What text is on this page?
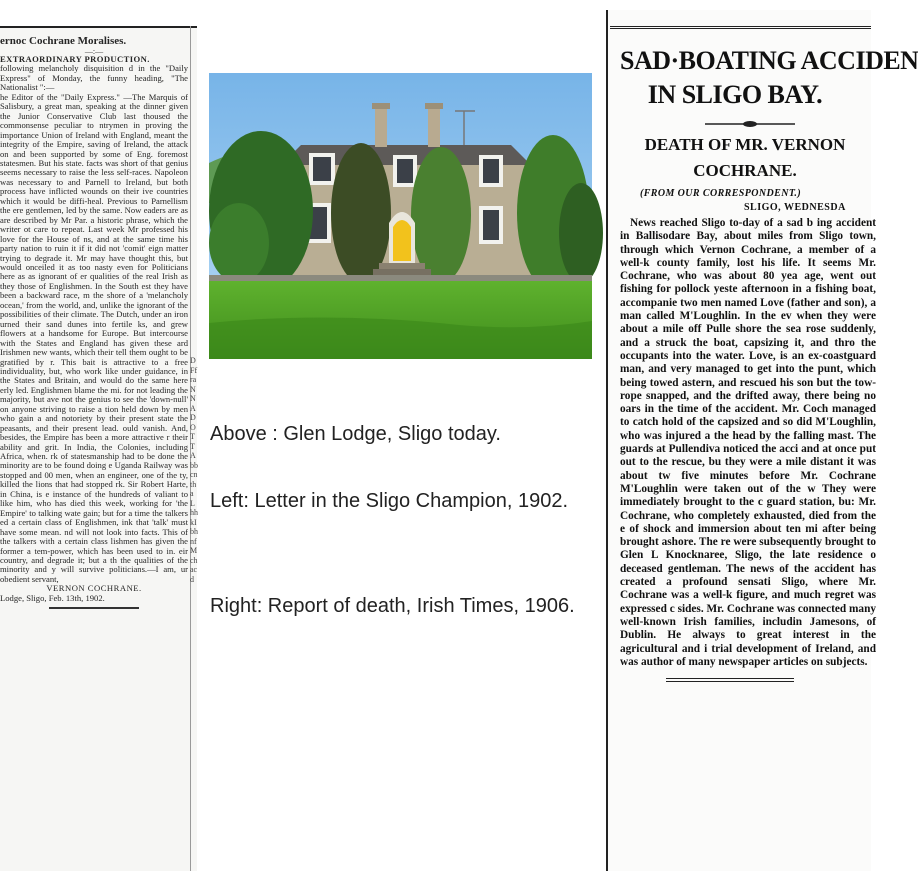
ernoc Cochrane Moralises.
—:—
EXTRAORDINARY PRODUCTION.

following melancholy disquisition d in the "Daily Express" of Monday, the funny heading, "The Nationalist ":—

he Editor of the "Daily Express." —The Marquis of Salisbury, a great man, speaking at the dinner given the Junior Conservative Club last thoused the commonsense peculiar to ntrymen in proving the importance Union of Ireland with England, meant the integrity of the Empire, saving of Ireland, the attack on and been supported by some of Eng. foremost statesmen. But his state. facts was short of that genius seems necessary to raise the less self-races. Napoleon was necessary to and Parnell to Ireland, but both process have inflicted wounds on their ive countries which it would be diffi-heal. Previous to Parnellism the ere gentlemen, led by the same. Now eaders are as are described by Mr Par. a historic phrase, which the writer ot care to repeat. Last week Mr professed his love for the House of ns, and at the same time his party nation to ruin it if it did not 'comit' eign matter trying to degrade it. Mr may have thought this, but would onceiled it as too nasty even for Politicians here as as ignorant of er qualities of the real Irish as they those of Englishmen. In the South est they have been a backward race, m the shore of a 'melancholy ocean,' from the world, and, unlike the ignorant of the possibilities of their climate. The Dutch, under an iron urned their sand dunes into fertile ks, and grew flowers at a handsome for Europe. But intercourse with the States and England has given these ard Irishmen new wants, which their tell them ought to be gratified by r. This bait is attractive to a free individuality, but, who work like under guidance, in the States and Britain, and would do the same here erly led. Englishmen blame the mi. for not leading the majority, but ave not the genius to see the 'down-null' on anyone striving to raise a tion held down by men who gain a and notoriety by their present state the peasants, and their present lead. ould vanish. And, besides, the Empire has been a more attractive r their ability and grit. In India, the Colonies, including Africa, when. rk of statesmanship had to be done the minority are to be found doing e Uganda Railway was stopped and 00 men, when an engineer, one of the ty, killed the lions that had stopped rk. Sir Robert Harte, in China, is e instance of the hundreds of valiant to like him, who has died this week, working for 'the Empire' to talking wate gain; but for a time the talkers ed a certain class of Englishmen, ink that 'talk' must have some mean. nd will not look into facts. This of the talkers with a certain class lishmen has given the former a tem-power, which has been used to in. eir country, and degrade it; but a th the qualities of the minority and y will survive politicians.—I am, ur obedient servant,

VERNON COCHRANE.
Lodge, Sligo, Feb. 13th, 1902.
DFfraNNADOTTAbbcnthaLhhkIbhnfMchacd
Above : Glen Lodge, Sligo today.
Left: Letter in the Sligo Champion, 1902.
Right: Report of death, Irish Times, 1906.
SAD·BOATING ACCIDEN
IN SLIGO BAY.
DEATH OF MR. VERNON COCHRANE.
(FROM OUR CORRESPONDENT.)
SLIGO, WEDNESDA
News reached Sligo to-day of a sad b ing accident in Ballisodare Bay, about miles from Sligo town, through which Vernon Cochrane, a member of a well-k county family, lost his life. It seems Mr. Cochrane, who was about 80 yea age, went out fishing for pollock yeste afternoon in a fishing boat, accompanie two men named Love (father and son), a man called M'Loughlin. In the ev when they were about a mile off Pulle shore the sea rose suddenly, and a struck the boat, capsizing it, and thro the occupants into the water. Love, is an ex-coastguard man, and very managed to get into the punt, which being towed astern, and rescued his son but the tow-rope snapped, and the drifted away, there being no oars in the time of the accident. Mr. Coch managed to catch hold of the capsized and so did M'Loughlin, who was injured a the head by the falling mast. The guards at Pullendiva noticed the acci and at once put out to the rescue, bu they were a mile distant it was about tw five minutes before Mr. Cochrane M'Loughlin were taken out of the w They were immediately brought to the c guard station, bu: Mr. Cochrane, who completely exhausted, died from the e of shock and immersion about ten mi after being brought ashore. The re were subsequently brought to Glen L Knocknaree, Sligo, the late residence o deceased gentleman. The news of the accident has created a profound sensati Sligo, where Mr. Cochrane was a well-k figure, and much regret was expressed c sides. Mr. Cochrane was connected many well-known Irish families, includin Jamesons, of Dublin. He always to great interest in the agricultural and i trial development of Ireland, and was author of many newspaper articles on subjects.
